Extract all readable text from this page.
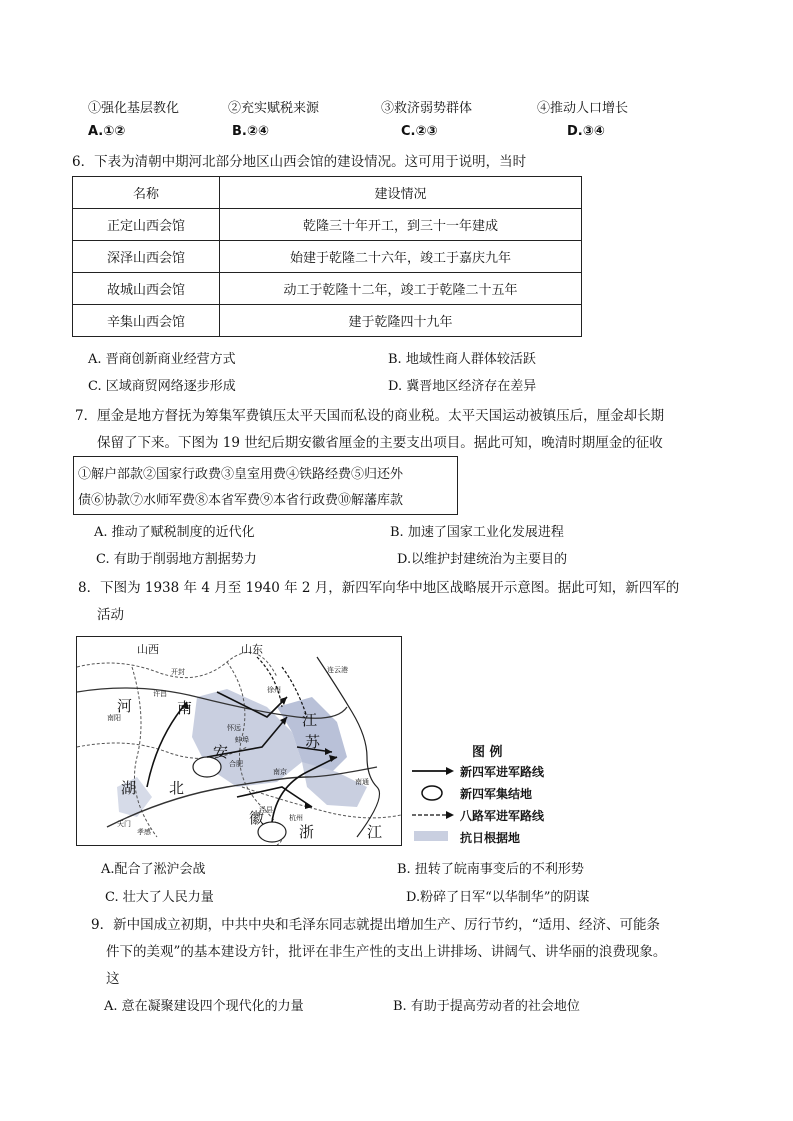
①强化基层教化	②充实赋税来源	③救济弱势群体	④推动人口增长
A.①②	B.②④	C.②③	D.③④
6．下表为清朝中期河北部分地区山西会馆的建设情况。这可用于说明，当时
名称	建设情况
正定山西会馆	乾隆三十年开工，到三十一年建成
深泽山西会馆	始建于乾隆二十六年，竣工于嘉庆九年
故城山西会馆	动工于乾隆十二年，竣工于乾隆二十五年
辛集山西会馆	建于乾隆四十九年
A. 晋商创新商业经营方式	B. 地域性商人群体较活跃
C. 区域商贸网络逐步形成	D. 冀晋地区经济存在差异
7．厘金是地方督抚为筹集军费镇压太平天国而私设的商业税。太平天国运动被镇压后，厘金却长期
保留了下来。下图为 19 世纪后期安徽省厘金的主要支出项目。据此可知，晚清时期厘金的征收
①解户部款②国家行政费③皇室用费④铁路经费⑤归还外
债⑥协款⑦水师军费⑧本省军费⑨本省行政费⑩解藩库款
A. 推动了赋税制度的近代化	B. 加速了国家工业化发展进程
C. 有助于削弱地方割据势力	D.以维护封建统治为主要目的
8．下图为 1938 年 4 月至 1940 年 2 月，新四军向华中地区战略展开示意图。据此可知，新四军的
活动
山西	山东
河	南
江
苏
安
徽
湖 北
浙	江
开封
许昌
南阳
怀远
蚌埠
合肥
南京
泾县
杭州
天门
孝感
南通
连云港
徐州
图 例
新四军进军路线
新四军集结地
八路军进军路线
抗日根据地
A.配合了淞沪会战	B. 扭转了皖南事变后的不利形势
C. 壮大了人民力量	D.粉碎了日军“以华制华”的阴谋
9．新中国成立初期，中共中央和毛泽东同志就提出增加生产、厉行节约，“适用、经济、可能条
件下的美观”的基本建设方针，批评在非生产性的支出上讲排场、讲阔气、讲华丽的浪费现象。
这
A. 意在凝聚建设四个现代化的力量	B. 有助于提高劳动者的社会地位
